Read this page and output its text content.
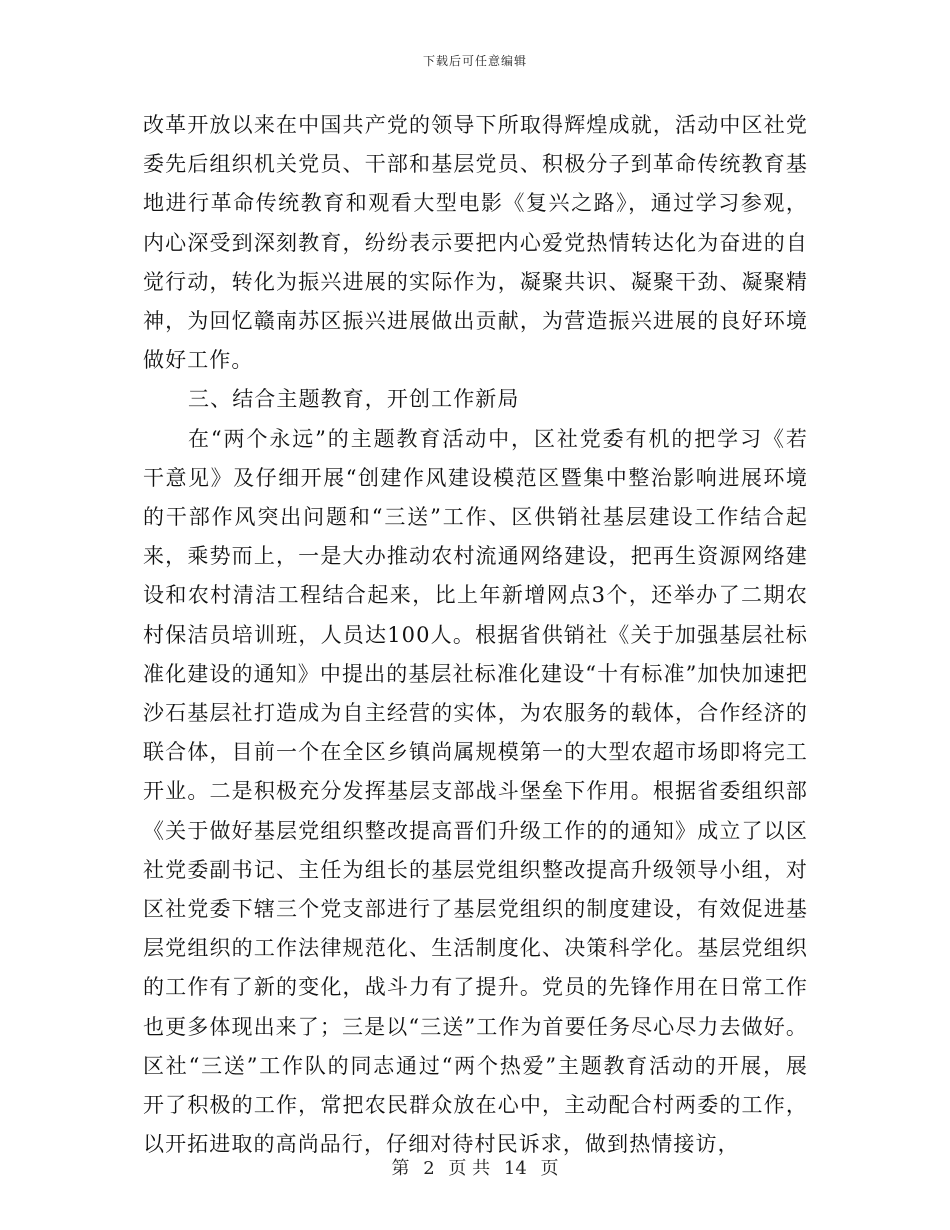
下载后可任意编辑

改革开放以来在中国共产党的领导下所取得辉煌成就，活动中区社党委先后组织机关党员、干部和基层党员、积极分子到革命传统教育基地进行革命传统教育和观看大型电影《复兴之路》，通过学习参观，内心深受到深刻教育，纷纷表示要把内心爱党热情转达化为奋进的自觉行动，转化为振兴进展的实际作为，凝聚共识、凝聚干劲、凝聚精神，为回忆赣南苏区振兴进展做出贡献，为营造振兴进展的良好环境做好工作。

三、结合主题教育，开创工作新局

在“两个永远”的主题教育活动中，区社党委有机的把学习《若干意见》及仔细开展“创建作风建设模范区暨集中整治影响进展环境的干部作风突出问题和“三送”工作、区供销社基层建设工作结合起来，乘势而上，一是大办推动农村流通网络建设，把再生资源网络建设和农村清洁工程结合起来，比上年新增网点3个，还举办了二期农村保洁员培训班，人员达100人。根据省供销社《关于加强基层社标准化建设的通知》中提出的基层社标准化建设“十有标准”加快加速把沙石基层社打造成为自主经营的实体，为农服务的载体，合作经济的联合体，目前一个在全区乡镇尚属规模第一的大型农超市场即将完工开业。二是积极充分发挥基层支部战斗堡垒下作用。根据省委组织部《关于做好基层党组织整改提高晋们升级工作的的通知》成立了以区社党委副书记、主任为组长的基层党组织整改提高升级领导小组，对区社党委下辖三个党支部进行了基层党组织的制度建设，有效促进基层党组织的工作法律规范化、生活制度化、决策科学化。基层党组织的工作有了新的变化，战斗力有了提升。党员的先锋作用在日常工作也更多体现出来了；三是以“三送”工作为首要任务尽心尽力去做好。区社“三送”工作队的同志通过“两个热爱”主题教育活动的开展，展开了积极的工作，常把农民群众放在心中，主动配合村两委的工作，以开拓进取的高尚品行，仔细对待村民诉求，做到热情接访，

第 2 页 共 14 页
